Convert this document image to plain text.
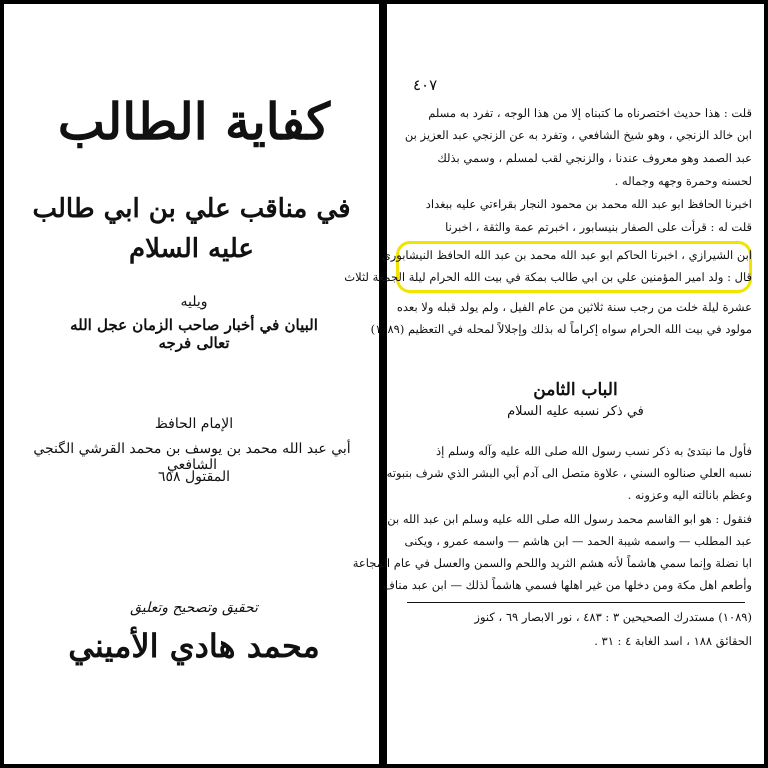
كفاية الطالب
في مناقب علي بن ابي طالب عليه السلام
ويليه
البيان في أخبار صاحب الزمان عجل الله تعالى فرجه
الإمام الحافظ
أبي عبد الله محمد بن يوسف بن محمد القرشي الگنجي الشافعي
المقتول ٦٥٨
تحقيق وتصحيح وتعليق
محمد هادي الأميني
٤٠٧
قلت : هذا حديث اختصرناه ما كتبناه إلا من هذا الوجه ، تفرد به مسلم
ابن خالد الزنجي ، وهو شيخ الشافعي ، وتفرد به عن الزنجي عبد العزيز بن
عبد الصمد وهو معروف عندنا ، والزنجي لقب لمسلم ، وسمي بذلك
لحسنه وحمرة وجهه وجماله .
اخبرنا الحافظ ابو عبد الله محمد بن محمود النجار بقراءتي عليه ببغداد
قلت له : قرأت على الصفار بنيسابور ، اخبرتم عمة والثقة ، اخبرنا
ابن الشيرازي ، اخبرنا الحاكم ابو عبد الله محمد بن عبد الله الحافظ النيشابوري
قال : ولد امير المؤمنين علي بن ابي طالب بمكة في بيت الله الحرام ليلة الجمعة لثلاث
عشرة ليلة خلت من رجب سنة ثلاثين من عام الفيل ، ولم يولد قبله ولا بعده
مولود في بيت الله الحرام سواه إكراماً له بذلك وإجلالاً لمحله في التعظيم (١٠٨٩)
الباب الثامن
في ذكر نسبه عليه السلام
فأول ما نبتدئ به ذكر نسب رسول الله صلى الله عليه وآله وسلم إذ
نسبه العلي صنالوه السني ، علاوة متصل الى آدم أبي البشر الذي شرف بنبوته
وعظم بانالته اليه وعزونه .
فنقول : هو ابو القاسم محمد رسول الله صلى الله عليه وسلم ابن عبد الله بن
عبد المطلب — واسمه شيبة الحمد — ابن هاشم — واسمه عمرو ، ويكنى
ابا نضلة وإنما سمي هاشماً لأنه هشم الثريد واللحم والسمن والعسل في عام المجاعة
وأطعم اهل مكة ومن دخلها من غير اهلها فسمي هاشماً لذلك — ابن عبد مناف
(١٠٨٩) مستدرك الصحيحين ٣ : ٤٨٣ ، نور الابصار ٦٩ ، كنوز
الحقائق ١٨٨ ، اسد الغابة ٤ : ٣١ .
